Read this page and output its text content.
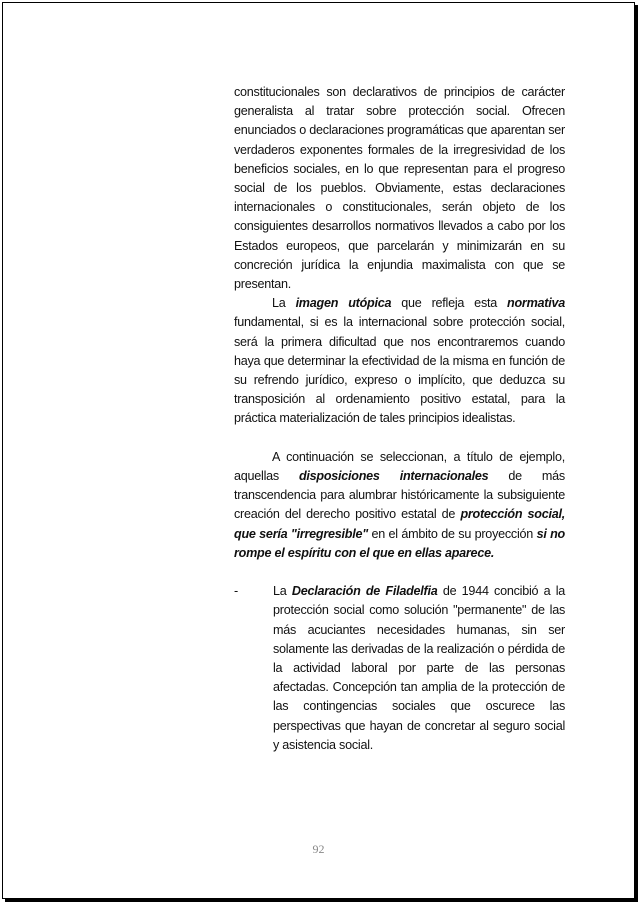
constitucionales son declarativos de principios de carácter generalista al tratar sobre protección social. Ofrecen enunciados o declaraciones programáticas que aparentan ser verdaderos exponentes formales de la irregresividad de los beneficios sociales, en lo que representan para el progreso social de los pueblos. Obviamente, estas declaraciones internacionales o constitucionales, serán objeto de los consiguientes desarrollos normativos llevados a cabo por los Estados europeos, que parcelarán y minimizarán en su concreción jurídica la enjundia maximalista con que se presentan.

La imagen utópica que refleja esta normativa fundamental, si es la internacional sobre protección social, será la primera dificultad que nos encontraremos cuando haya que determinar la efectividad de la misma en función de su refrendo jurídico, expreso o implícito, que deduzca su transposición al ordenamiento positivo estatal, para la práctica materialización de tales principios idealistas.

A continuación se seleccionan, a título de ejemplo, aquellas disposiciones internacionales de más transcendencia para alumbrar históricamente la subsiguiente creación del derecho positivo estatal de protección social, que sería "irregresible" en el ámbito de su proyección si no rompe el espíritu con el que en ellas aparece.

-	La Declaración de Filadelfia de 1944 concibió a la protección social como solución "permanente" de las más acuciantes necesidades humanas, sin ser solamente las derivadas de la realización o pérdida de la actividad laboral por parte de las personas afectadas. Concepción tan amplia de la protección de las contingencias sociales que oscurece las perspectivas que hayan de concretar al seguro social y asistencia social.
92
